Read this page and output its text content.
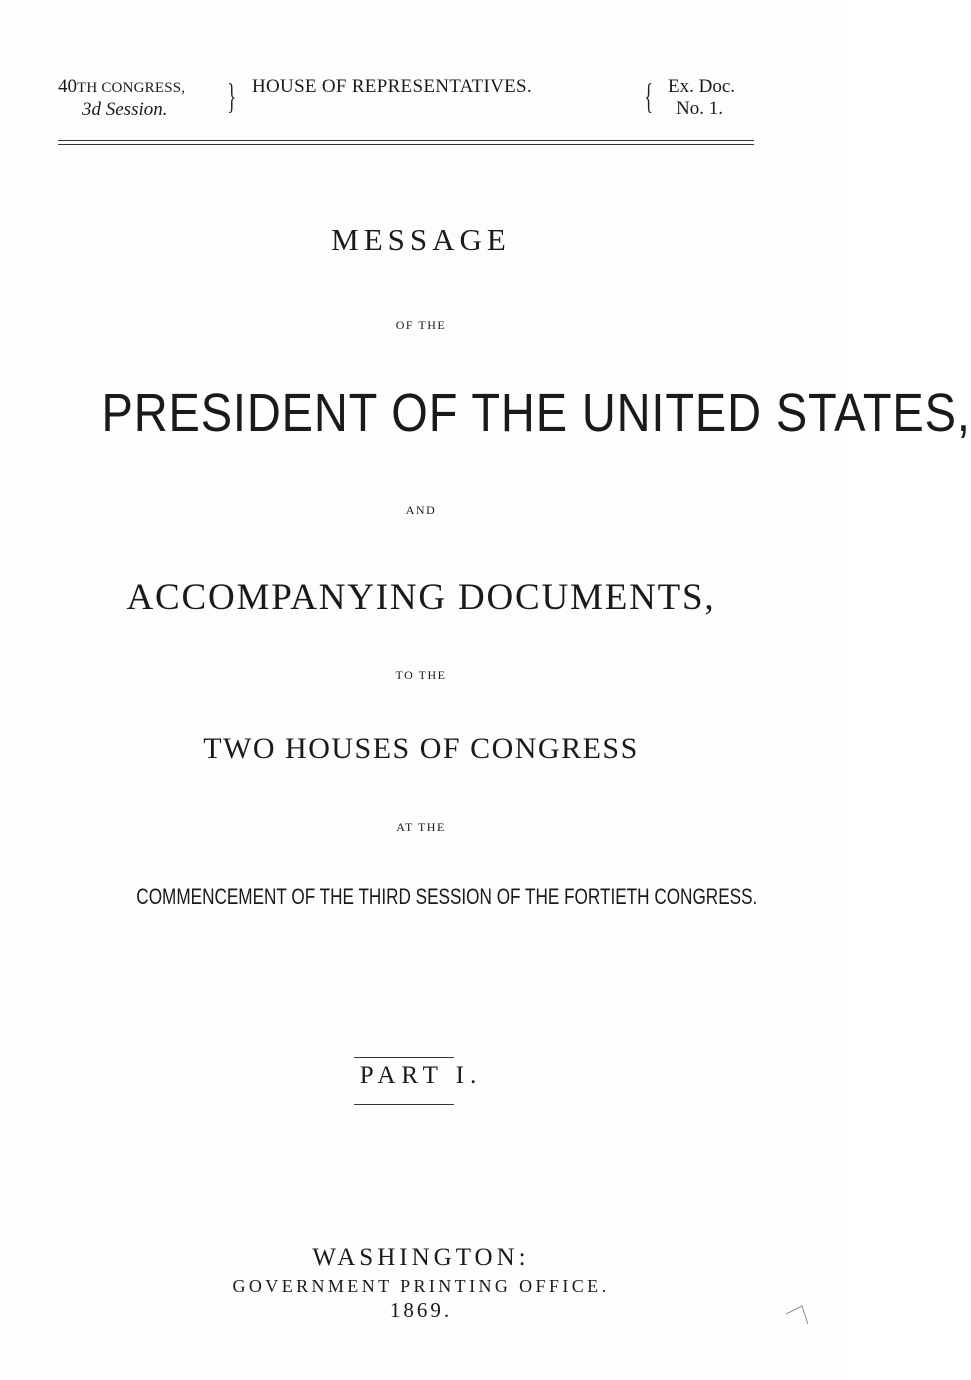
40TH CONGRESS,
3d Session.	} HOUSE OF REPRESENTATIVES.	{ Ex. Doc.
No. 1.
MESSAGE
OF THE
PRESIDENT OF THE UNITED STATES,
AND
ACCOMPANYING DOCUMENTS,
TO THE
TWO HOUSES OF CONGRESS
AT THE
COMMENCEMENT OF THE THIRD SESSION OF THE FORTIETH CONGRESS.
PART I.
WASHINGTON:
GOVERNMENT PRINTING OFFICE.
1869.
